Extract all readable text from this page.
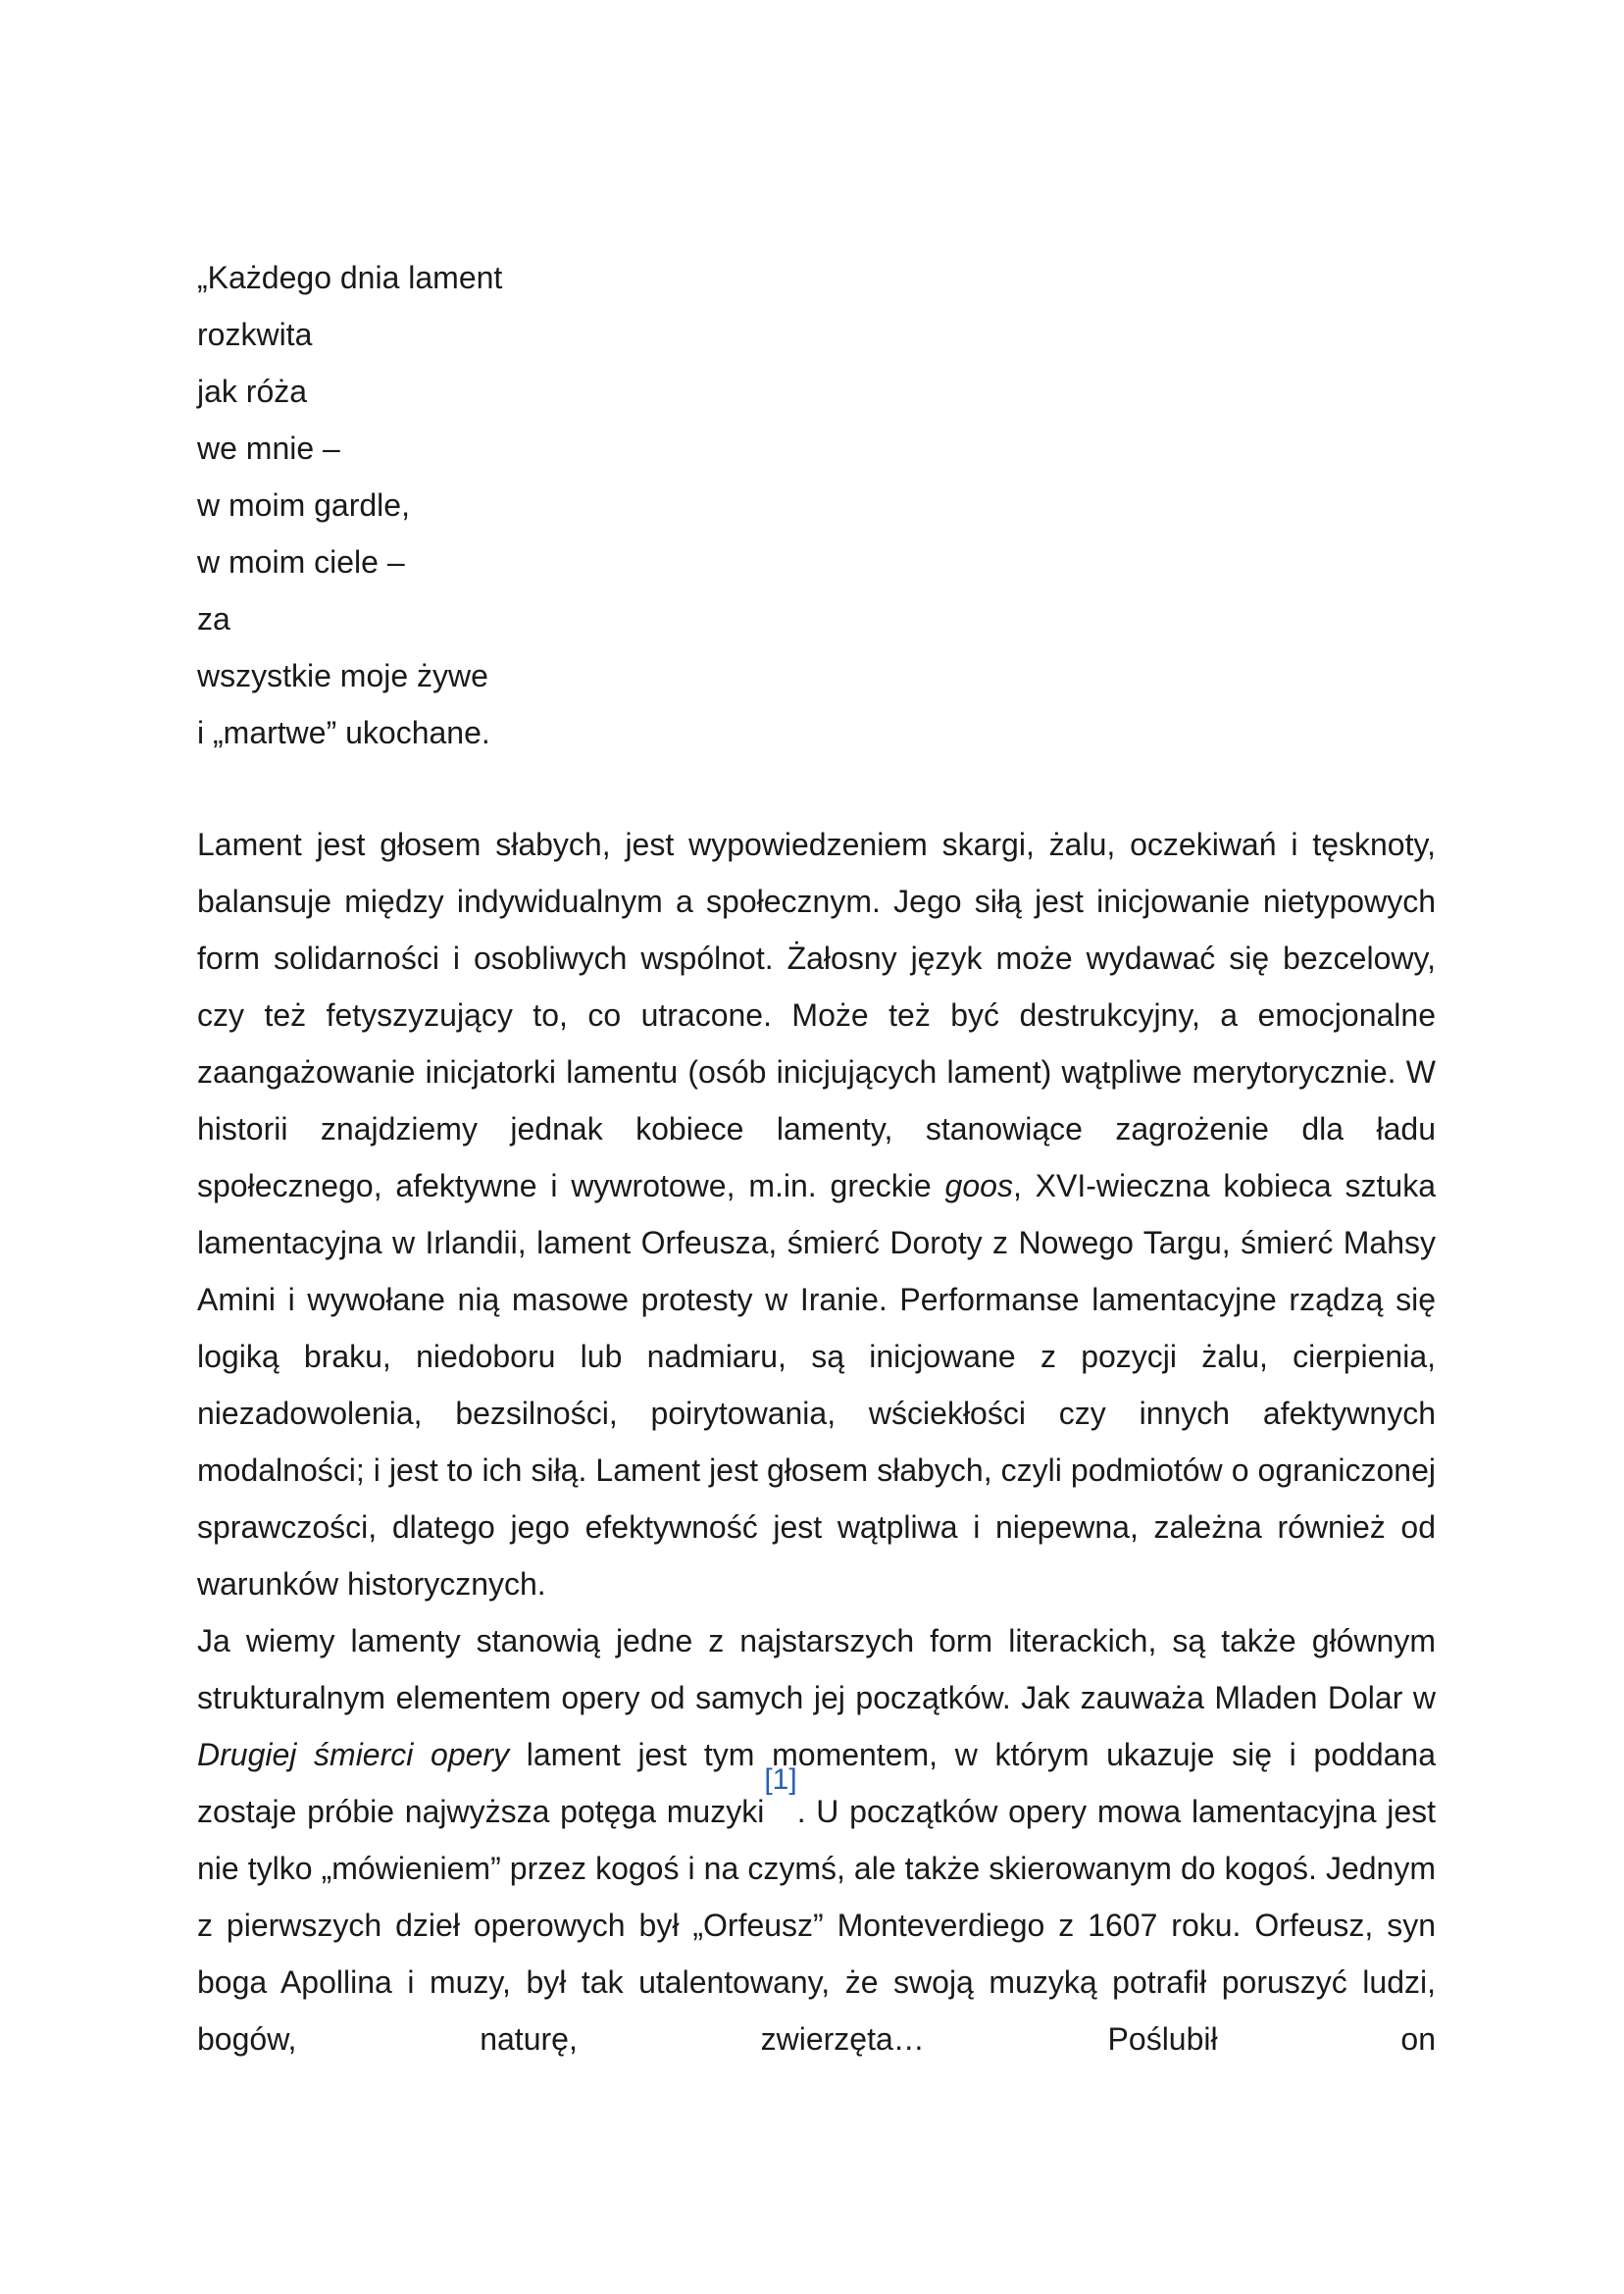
„Każdego dnia lament
rozkwita
jak róża
we mnie –
w moim gardle,
w moim ciele –
za
wszystkie moje żywe
i „martwe” ukochane.

Lament jest głosem słabych, jest wypowiedzeniem skargi, żalu, oczekiwań i tęsknoty, balansuje między indywidualnym a społecznym. Jego siłą jest inicjowanie nietypowych form solidarności i osobliwych wspólnot. Żałosny język może wydawać się bezcelowy, czy też fetyszyzujący to, co utracone. Może też być destrukcyjny, a emocjonalne zaangażowanie inicjatorki lamentu (osób inicjujących lament) wątpliwe merytorycznie. W historii znajdziemy jednak kobiece lamenty, stanowiące zagrożenie dla ładu społecznego, afektywne i wywrotowe, m.in. greckie goos, XVI-wieczna kobieca sztuka lamentacyjna w Irlandii, lament Orfeusza, śmierć Doroty z Nowego Targu, śmierć Mahsy Amini i wywołane nią masowe protesty w Iranie. Performanse lamentacyjne rządzą się logiką braku, niedoboru lub nadmiaru, są inicjowane z pozycji żalu, cierpienia, niezadowolenia, bezsilności, poirytowania, wściekłości czy innych afektywnych modalności; i jest to ich siłą. Lament jest głosem słabych, czyli podmiotów o ograniczonej sprawczości, dlatego jego efektywność jest wątpliwa i niepewna, zależna również od warunków historycznych.

Ja wiemy lamenty stanowią jedne z najstarszych form literackich, są także głównym strukturalnym elementem opery od samych jej początków. Jak zauważa Mladen Dolar w Drugiej śmierci opery lament jest tym momentem, w którym ukazuje się i poddana zostaje próbie najwyższa potęga muzyki[1]. U początków opery mowa lamentacyjna jest nie tylko „mówieniem” przez kogoś i na czymś, ale także skierowanym do kogoś. Jednym z pierwszych dzieł operowych był „Orfeusz” Monteverdiego z 1607 roku. Orfeusz, syn boga Apollina i muzy, był tak utalentowany, że swoją muzyką potrafił poruszyć ludzi, bogów, naturę, zwierzęta… Poślubił on
